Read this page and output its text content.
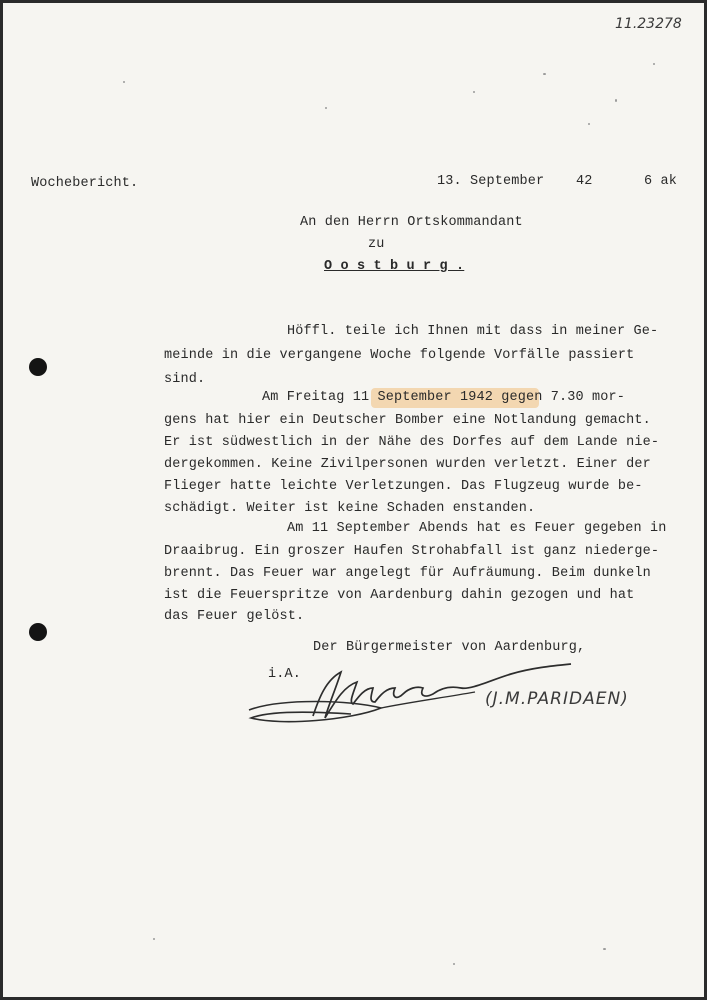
11.23278
Wochebericht.	13. September 42	6 ak
An den Herrn Ortskommandant
zu
O o s t b u r g .
Höffl. teile ich Ihnen mit dass in meiner Ge-
meinde in die vergangene Woche folgende Vorfälle passiert
sind.
Am Freitag 11 September 1942 gegen 7.30 mor-
gens hat hier ein Deutscher Bomber eine Notlandung gemacht.
Er ist südwestlich in der Nähe des Dorfes auf dem Lande nie-
dergekommen. Keine Zivilpersonen wurden verletzt. Einer der
Flieger hatte leichte Verletzungen. Das Flugzeug wurde be-
schädigt. Weiter ist keine Schaden enstanden.
Am 11 September Abends hat es Feuer gegeben in
Draaibrug. Ein groszer Haufen Strohabfall ist ganz niederge-
brennt. Das Feuer war angelegt für Aufräumung. Beim dunkeln
ist die Feuerspritze von Aardenburg dahin gezogen und hat
das Feuer gelöst.
Der Bürgermeister von Aardenburg,
i.A.
(J.M.PARIDAEN)
